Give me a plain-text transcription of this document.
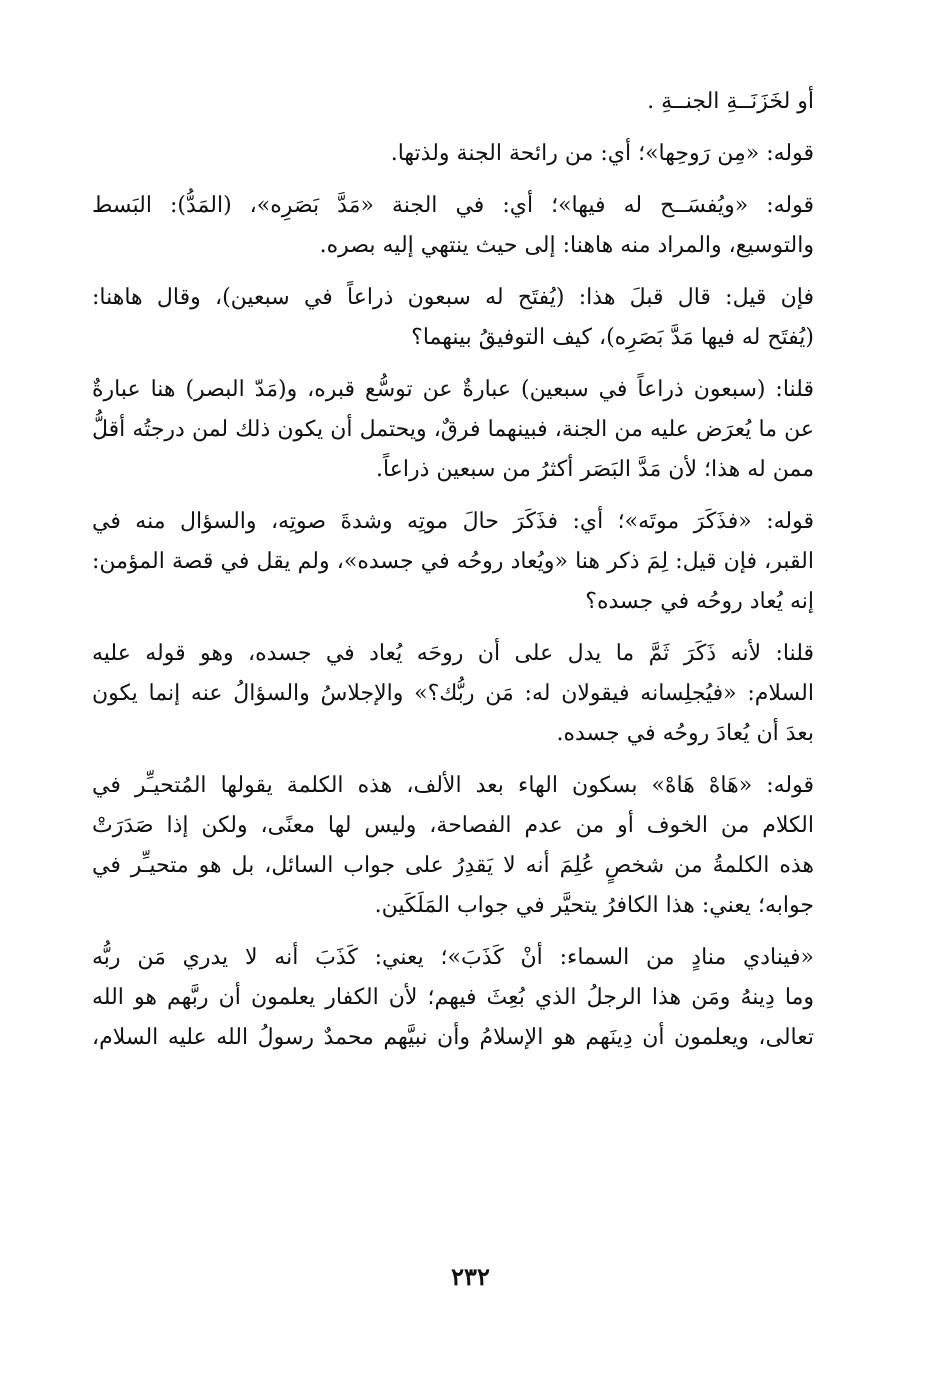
أو لخَزَنَــةِ الجنــةِ .
قوله: «مِن رَوحِها»؛ أي: من رائحة الجنة ولذتها.
قوله: «ويُفسَــح له فيها»؛ أي: في الجنة «مَدَّ بَصَرِه»، (المَدُّ): البَسط
والتوسيع، والمراد منه هاهنا: إلى حيث ينتهي إليه بصره.
فإن قيل: قال قبلَ هذا: (يُفتَح له سبعون ذراعاً في سبعين)، وقال هاهنا:
(يُفتَح له فيها مَدَّ بَصَرِه)، كيف التوفيقُ بينهما؟
قلنا: (سبعون ذراعاً في سبعين) عبارةٌ عن توسُّع قبره، و(مَدّ البصر) هنا عبارةٌ
عن ما يُعرَض عليه من الجنة، فبينهما فرقٌ، ويحتمل أن يكون ذلك لمن درجتُه أقلُّ
ممن له هذا؛ لأن مَدَّ البَصَر أكثرُ من سبعين ذراعاً.
قوله: «فذَكَرَ موتَه»؛ أي: فذَكَرَ حالَ موتِه وشدةَ صوتِه، والسؤال منه في
القبر، فإن قيل: لِمَ ذكر هنا «ويُعاد روحُه في جسده»، ولم يقل في قصة المؤمن:
إنه يُعاد روحُه في جسده؟
قلنا: لأنه ذَكَرَ ثَمَّ ما يدل على أن روحَه يُعاد في جسده، وهو قوله عليه
السلام: «فيُجلِسانه فيقولان له: مَن ربُّك؟» والإجلاسُ والسؤالُ عنه إنما يكون
بعدَ أن يُعادَ روحُه في جسده.
قوله: «هَاهْ هَاهْ» بسكون الهاء بعد الألف، هذه الكلمة يقولها المُتحيـِّر في
الكلام من الخوف أو من عدم الفصاحة، وليس لها معنًى، ولكن إذا صَدَرَتْ
هذه الكلمةُ من شخصٍ عُلِمَ أنه لا يَقدِرُ على جواب السائل، بل هو متحيـِّر في
جوابه؛ يعني: هذا الكافرُ يتحيَّر في جواب المَلَكَين.
«فينادي منادٍ من السماء: أنْ كَذَبَ»؛ يعني: كَذَبَ أنه لا يدري مَن ربُّه
وما دِينهُ ومَن هذا الرجلُ الذي بُعِثَ فيهم؛ لأن الكفار يعلمون أن ربَّهم هو الله
تعالى، ويعلمون أن دِينَهم هو الإسلامُ وأن نبيَّهم محمدٌ رسولُ الله عليه السلام،
٢٣٢
